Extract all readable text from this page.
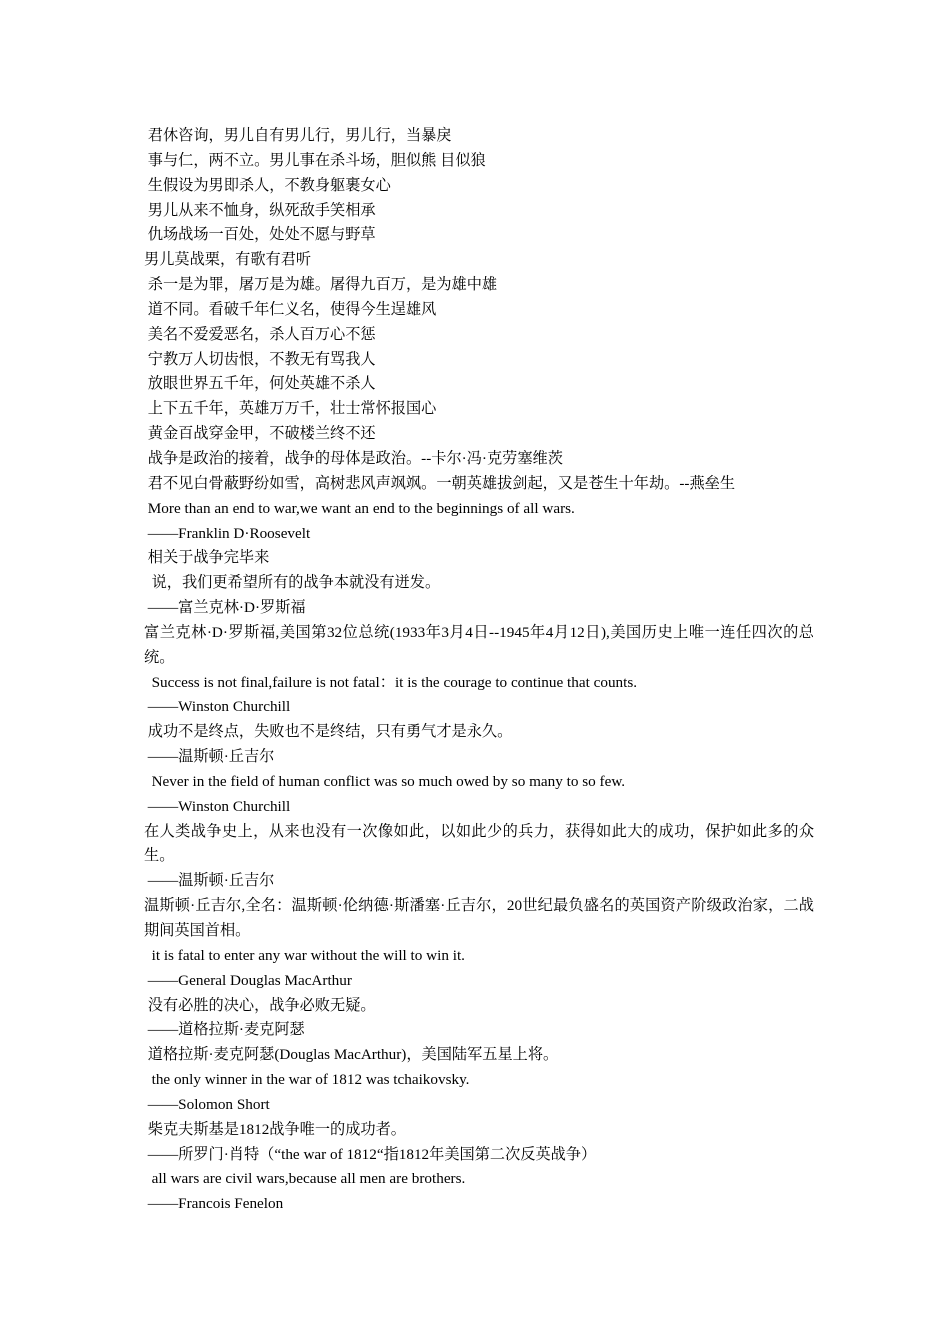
君休咨询，男儿自有男儿行，男儿行，当暴戾
事与仁，两不立。男儿事在杀斗场，胆似熊 目似狼
生假设为男即杀人，不教身躯裹女心
男儿从来不恤身，纵死敌手笑相承
仇场战场一百处，处处不愿与野草
男儿莫战栗，有歌有君听
杀一是为罪，屠万是为雄。屠得九百万，是为雄中雄
道不同。看破千年仁义名，使得今生逞雄风
美名不爱爱恶名，杀人百万心不惩
宁教万人切齿恨，不教无有骂我人
放眼世界五千年，何处英雄不杀人
上下五千年，英雄万万千，壮士常怀报国心
黄金百战穿金甲，不破楼兰终不还
战争是政治的接着，战争的母体是政治。--卡尔·冯·克劳塞维茨
君不见白骨蔽野纷如雪，高树悲风声飒飒。一朝英雄拔剑起，又是苍生十年劫。--燕垒生
More than an end to war,we want an end to the beginnings of all wars.
——Franklin D·Roosevelt
相关于战争完毕来
说，我们更希望所有的战争本就没有迸发。
——富兰克林·D·罗斯福
富兰克林·D·罗斯福,美国第32位总统(1933年3月4日--1945年4月12日),美国历史上唯一连任四次的总统。
Success is not final,failure is not fatal：it is the courage to continue that counts.
——Winston Churchill
成功不是终点，失败也不是终结，只有勇气才是永久。
——温斯顿·丘吉尔
Never in the field of human conflict was so much owed by so many to so few.
——Winston Churchill
在人类战争史上，从来也没有一次像如此，以如此少的兵力，获得如此大的成功，保护如此多的众生。
——温斯顿·丘吉尔
温斯顿·丘吉尔,全名：温斯顿·伦纳德·斯潘塞·丘吉尔，20世纪最负盛名的英国资产阶级政治家，二战期间英国首相。
it is fatal to enter any war without the will to win it.
——General Douglas MacArthur
没有必胜的决心，战争必败无疑。
——道格拉斯·麦克阿瑟
道格拉斯·麦克阿瑟(Douglas MacArthur)，美国陆军五星上将。
the only winner in the war of 1812 was tchaikovsky.
——Solomon Short
柴克夫斯基是1812战争唯一的成功者。
——所罗门·肖特（“the war of 1812“指1812年美国第二次反英战争）
all wars are civil wars,because all men are brothers.
——Francois Fenelon
